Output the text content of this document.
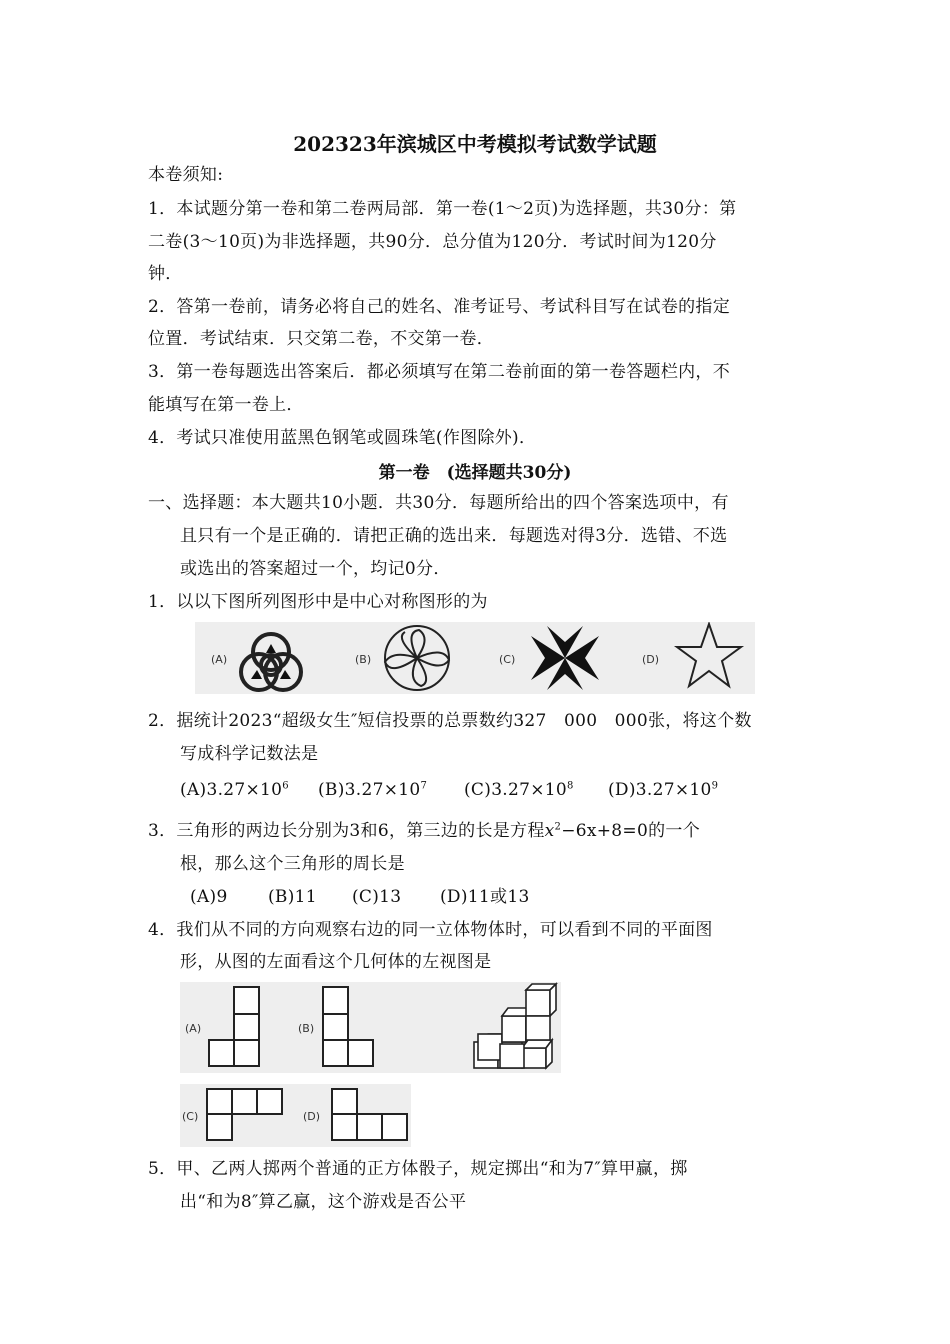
202323年滨城区中考模拟考试数学试题
本卷须知:
1．本试题分第一卷和第二卷两局部．第一卷(1～2页)为选择题，共30分：第
二卷(3～10页)为非选择题，共90分．总分值为120分．考试时间为120分
钟．
2．答第一卷前，请务必将自己的姓名、准考证号、考试科目写在试卷的指定
位置．考试结束．只交第二卷，不交第一卷．
3．第一卷每题选出答案后．都必须填写在第二卷前面的第一卷答题栏内，不
能填写在第一卷上．
4．考试只准使用蓝黑色钢笔或圆珠笔(作图除外)．
第一卷　(选择题共30分)
一、选择题：本大题共10小题．共30分．每题所给出的四个答案选项中，有
且只有一个是正确的．请把正确的选出来．每题选对得3分．选错、不选
或选出的答案超过一个，均记0分．
1．以以下图所列图形中是中心对称图形的为
(A)	(B)	(C)	(D)
2．据统计2023“超级女生″短信投票的总票数约327　000　000张，将这个数
写成科学记数法是
$(A)3.27\times 10^6$ $(B)3.27\times 10^7$ $(C)3.27\times 10^8$ $(D)3.27\times 10^9$
3．三角形的两边长分别为3和6，第三边的长是方程$x^2-6x+8=0$的一个
根，那么这个三角形的周长是
(A)9 (B)11 (C)13 (D)11或13
4．我们从不同的方向观察右边的同一立体物体时，可以看到不同的平面图
形，从图的左面看这个几何体的左视图是
(A)	(B)
(C)	(D)
5．甲、乙两人掷两个普通的正方体骰子，规定掷出“和为7″算甲赢，掷
出“和为8″算乙赢，这个游戏是否公平
